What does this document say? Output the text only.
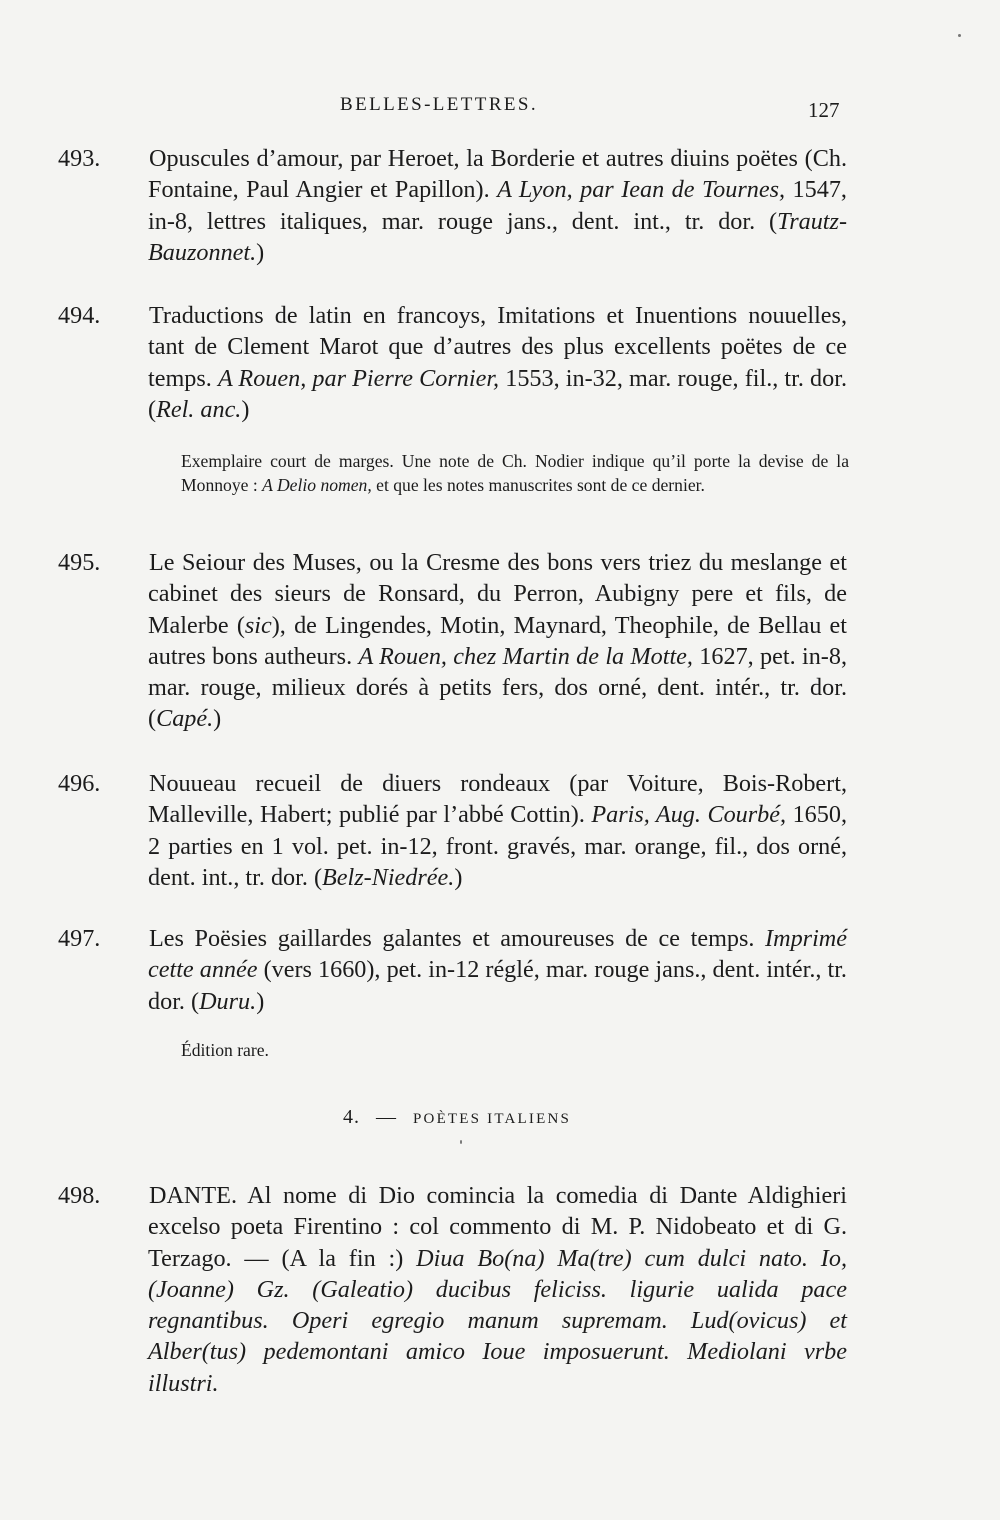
BELLES-LETTRES.	127
493. Opuscules d’amour, par Heroet, la Borderie et autres diuins poëtes (Ch. Fontaine, Paul Angier et Papillon). A Lyon, par Iean de Tournes, 1547, in-8, lettres italiques, mar. rouge jans., dent. int., tr. dor. (Trautz-Bauzonnet.)
494. Traductions de latin en francoys, Imitations et Inuentions nouuelles, tant de Clement Marot que d’autres des plus excellents poëtes de ce temps. A Rouen, par Pierre Cornier, 1553, in-32, mar. rouge, fil., tr. dor. (Rel. anc.)
Exemplaire court de marges. Une note de Ch. Nodier indique qu’il porte la devise de la Monnoye : A Delio nomen, et que les notes manuscrites sont de ce dernier.
495. Le Seiour des Muses, ou la Cresme des bons vers triez du meslange et cabinet des sieurs de Ronsard, du Perron, Aubigny pere et fils, de Malerbe (sic), de Lingendes, Motin, Maynard, Theophile, de Bellau et autres bons autheurs. A Rouen, chez Martin de la Motte, 1627, pet. in-8, mar. rouge, milieux dorés à petits fers, dos orné, dent. intér., tr. dor. (Capé.)
496. Nouueau recueil de diuers rondeaux (par Voiture, Bois-Robert, Malleville, Habert; publié par l’abbé Cottin). Paris, Aug. Courbé, 1650, 2 parties en 1 vol. pet. in-12, front. gravés, mar. orange, fil., dos orné, dent. int., tr. dor. (Belz-Niedrée.)
497. Les Poësies gaillardes galantes et amoureuses de ce temps. Imprimé cette année (vers 1660), pet. in-12 réglé, mar. rouge jans., dent. intér., tr. dor. (Duru.)
Édition rare.
4. — POÈTES ITALIENS
498. DANTE. Al nome di Dio comincia la comedia di Dante Aldighieri excelso poeta Firentino : col commento di M. P. Nidobeato et di G. Terzago. — (A la fin :) Diua Bo(na) Ma(tre) cum dulci nato. Io, (Joanne) Gz. (Galeatio) ducibus feliciss. ligurie ualida pace regnantibus. Operi egregio manum supremam. Lud(ovicus) et Alber(tus) pedemontani amico Ioue imposuerunt. Mediolani vrbe illustri.
